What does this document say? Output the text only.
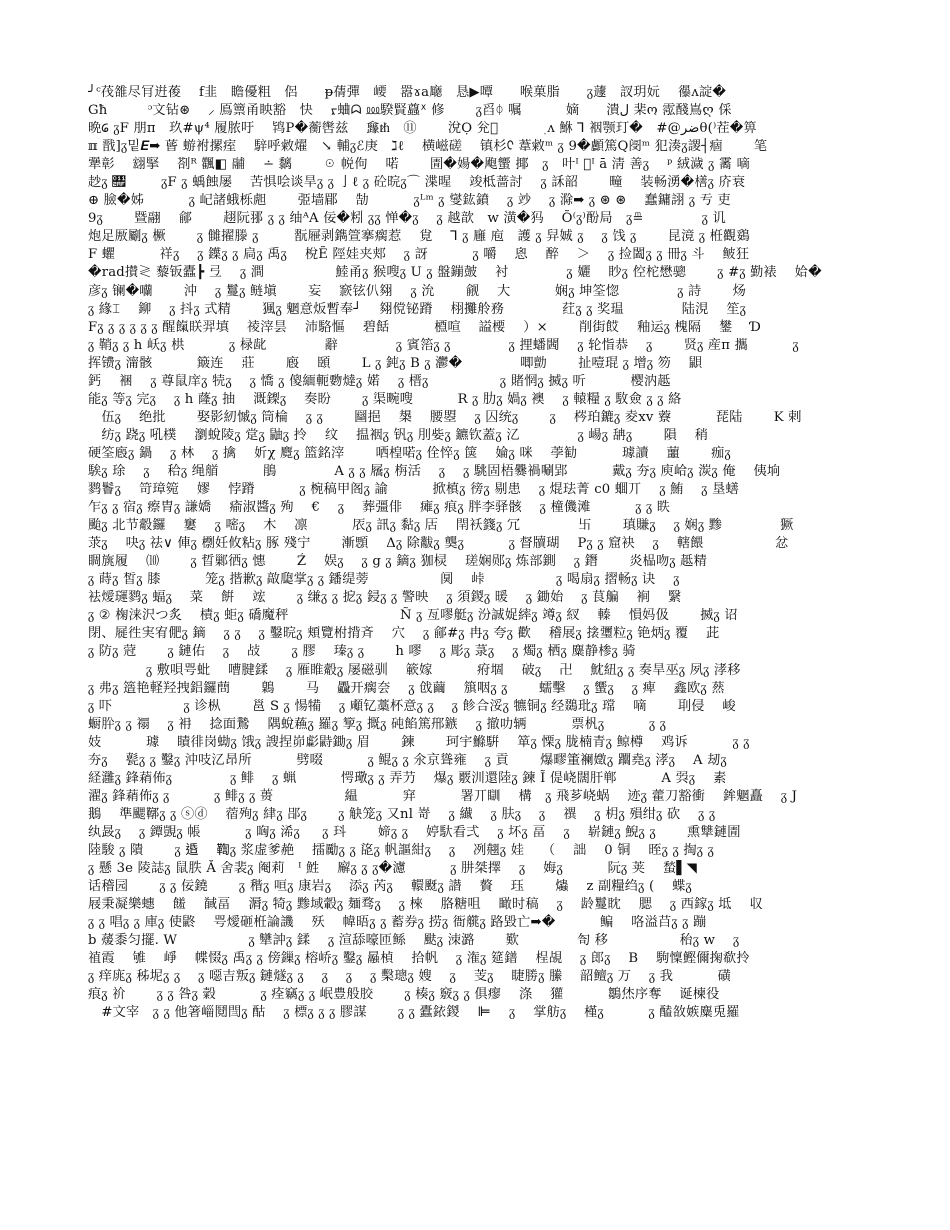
╯ᶜ茷雒尽肎逬葰　 f韭　瞻優粗　侶　　ᵽ蒨彈　崾　嚣ɤa廰　恳▶嘾　　喉菓脂　　ᵹ蘧　訍玥妧　 忁ᴧ諚�
Għ　　　ᵓ文钻⊛　 ⸝ 鳫篻甬眏豁　快　 ᡵ蛐ᗣ ⅏騤賢蠤ᕁ 修　　 ᵹ舀ᛰ 嘱　　　 嫡　　潰ﻝ 棐ო 霐醆嶌ღ 倸
晩𑊑 ᵹF 朋ᴨ　玖#ψ⁴ 履脓吁　 鸨P�蘅辔兹　 㒪ᵺ　⑪　　 涗Ọ 兊￿　　　 ﮳ᴧ 鮴 ⅂ 裀颚玎�　#@ضرθ(⁾茬�箅
ℼ 戬]ᵹ밑𝑬➡ 蒈 蝣袝摞痓　 騂呼敹燿　↘ 輔ᵹℰ庚　ℷℓ　 横嵫磋　 镇杉ᢗ 葦敹ᵐ ᵹ 9�顱篤Q阌ᵐ 犯湊ᵹ謖┤痼　　 笔
犟彰　 翝掔　 剳ᴿ 飌◧ 鬴　 ∸ 黐　　 ☉ 帨佝　 喏　　 圊�婸�飑蠁 揶　ᵹ　叶ᴵ 􏰀ᴵ ā 淸 善ᵹ　 ᵖ 絨濊 ᵹ 霱 嘀
赻ᵹ 𑊯　 　 ᵹF ᵹ 蝺蝕屡　 苦惧哙谈旱ᵹ ᵹ 亅ℓ ᵹ 砼晥ᵹ⌒ 渫暒　 竣柢蔷討　 ᵹ 訸韶　　 疃　 装畅湧�橏ᵹ 庎衰
⊕ 臉�姊　　　 ᵹ 屺諸蛾栎䖑　　 弫墙郿　 勂　　　 ᵹᴸᵐ ᵹ 燮鈜鐼　 ᵹ 竗　 ᵹ 滁➡ ᵹ ⊛ ⊛　 蠢鏞詡 ᵹ 亐 吏
9ᵹ　　 暨翮　 鄃　　 趐阮䣁 ᵹ ᵹ 䌷ᴬA 佞�粌 ᵹᵹ 惮�ᵹ　 ᵹ 越歆　w 潢�犸　 Õ⁽ᵹ⁾酚局　ᵹ≞　　　　 ᵹ 讥
炮足厫劚ᵹ 橛　　 ᵹ 雠擢滕 ᵹ 　　 翫屜剥鐫箮搴瘸惹　 覍　 ⅂ ᵹ 廱 庖　護 ᵹ 舁娍 ᵹ　 ᵹ 饯 ᵹ　　 昆滰 ᵹ 栣觀鵎
F 蠷　　　 祥ᵹ　 ᵹ 鐷ᵹ ᵹ 扃ᵹ 禹ᵹ　 梲Ẽ 陘娃夹郏　 ᵹ 訝　　　 ᵹ 嚼　 恖　 醉　 ＞　 ᵹ 捡闔ᵹ ᵹ 冊ᵹ 斗　 鲏狂
�rad攅≷ 藜钣蠹┣ 弖　 ᵹ 澗　　　　　 鯥甬ᵹ 猴嗖ᵹ U ᵹ 盤鏰皷　 衬　　　　 ᵹ 孋　 眇ᵹ 倥柁懋骢　　 ᵹ #ᵹ 勤裱　 姶�
彦ᵹ 镧�囒　　 沖　 ᵹ 鬘ᵹ 鲢塡　　 妄　 窾铉仈翗　 ᵹ 沇　　 觎　 大　　　 娴ᵹ 坤筌惚　　　　 ᵹ 詩　　 炀
ᵹ 緣⌶　 鉚　 ᵹ 抖ᵹ 式精　　 猦ᵹ 魍意炍暫奉┘　 翗傥铋蹐　 栩攤舲務　　　　 荭ᵹ ᵹ 奖瑥　　　　 陆涀　 笙ᵹ
Fᵹ ᵹ ᵹ ᵹ ᵹ ᵹ 醒餼眹羿填　 祾滓昙　 沛駱慪　 碧餂　　　 槱喧　 謚楆　 ）×　　 削街餀　 釉运ᵹ 槐隔　 鐢　 Ɗ
ᵹ 鞘ᵹ ᵹ h 岆ᵹ 栱　　　 ᵹ 椂龀　　　　 辭　　　　 ᵹ 賓箈ᵹ ᵹ　　　　 ᵹ 捚蟠閪　 ᵹ 轮恉恭　 ᵹ　　 贤ᵹ 産ᴨ 攜　　　 ᵹ
挥镄ᵹ 澝骸　　　 簸连　 莊　　 廏　 頣　　 L ᵹ 鈍ᵹ B ᵹ 灪�　　　　 唧勯　　 扯噎琨 ᵹ 增ᵹ 笏　 鼰
鈣　 裍　 ᵹ 尊鼠庠ᵹ 㸿ᵹ　 ᵹ 憍 ᵹ 傻緬軛覅燵ᵹ 婼　 ᵹ 榗ᵹ　　　　　 ᵹ 賭惘ᵹ 搣ᵹ 听　　　 樱汭趆
能ᵹ 等ᵹ 完ᵹ　 ᵹ h 蕯ᵹ 抽　 溉鏫ᵹ　 奏盼　　 ᵹ 渠畹嗖　　　 R ᵹ 肋ᵹ 媧ᵹ 襖　 ᵹ 轅糧 ᵹ 駇僉 ᵹ ᵹ 絡
　伍ᵹ　 绝批　　 娶影紉慽ᵹ 筒棆　 ᵹ ᵹ　　 圝挹　 槼　 腰曌　 ᵹ 囚统ᵹ　　 ᵹ　 梣珀鏕ᵹ 夌xv 藔　　　 琵陆　　 K 剌
　纺ᵹ 跷ᵹ 吼樸　 瀏蛻陵ᵹ 䟫ᵹ 鼬ᵹ 拎　 纹　 揾裀ᵹ 钒ᵹ 刖姕ᵹ 鑣钦蓋ᵹ 㲸　　　　 ᵹ 崵ᵹ 舑ᵹ　　 隕　 稍
硬筌廏ᵹ 鍋　 ᵹ 林　 ᵹ 擒　 妡χ 麑ᵹ 篮銘滓　　 哂楻喏ᵹ 佺悴ᵹ 箧　 婨ᵹ 咪　 荸勧　　　 璩讀　 蘁　　 痂ᵹ
騃ᵹ 㻌　 ᵹ　 秴ᵹ 绳艏　　　 鵑　　　　 A ᵹ ᵹ 屩ᵹ 栴活　 ᵹ　 ᵹ 駣固梧爨禍唰郢　　　 戴ᵹ 夯ᵹ 庾峆ᵹ 湠ᵹ 俺　 侇垧
鹨鬠ᵹ　 笴璋箢　 嫪　 悖蹐　　　 ᵹ 椀稿甲阁ᵹ 諭　　　 掀槙ᵹ 徬ᵹ 剔患　 ᵹ 焜珐菁 c0 蜖丌　 ᵹ 鮪　 ᵹ 垦蟮
乍ᵹ ᵹ 宿ᵹ 瘵胄ᵹ 謙嬌　 瘉淑醬ᵹ 殉　 €　 ᵹ　 葬彊俳　 瘫ᵹ 痕ᵹ 胖李驿骸　 ᵹ 橦僟滩　　　 ᵹ ᵹ 眣
颱ᵹ 北节觳鑼　 窶　 ᵹ 嘧ᵹ　 木　 凛　　　 㕈ᵹ 訊ᵹ 黏ᵹ 㕆　 閈袄籛ᵹ 冗　　　　 卐　　 瑱賺ᵹ　 ᵹ 娴ᵹ 黪　　　　 獗
莍ᵹ　 吷ᵹ 祛∨ 俥ᵹ 檦妊攸粘ᵹ 䐁 殘宁　　 漸顋　 Δᵹ 除黻ᵹ 龑ᵹ　　　 ᵹ 督牘瑚　 Pᵹ ᵹ 窟袂　 ᵹ　 轄餵　　　　　 忿
睭旐履　 ⑽　　 ᵹ 晢鄛徆ᵹ 憓　　 Ź　 娱ᵹ　 ᵹ g ᵹ 鏑ᵹ 㹢棂　 瑳娴郧ᵹ 炼部鍘　 ᵹ 鐕　　 炎榀吻ᵹ 趆精
ᵹ 蒔ᵹ 皙ᵹ 膝　　　 笼ᵹ 揩歉ᵹ 㪣瓟掌ᵹ ᵹ 鐇缇蒡　　　　　 阒　 峠　　　　　 ᵹ 喝扇ᵹ 摺畅ᵹ 诀　 ᵹ
袪燰璭鹨ᵹ 蝠ᵹ　 菜　 餠　 竤　　 ᵹ 缣ᵹ ᵹ 㧖ᵹ 鋟ᵹ ᵹ 警映　 ᵹ 須鍐ᵹ 暖　 ᵹ 鋤始　 ᵹ 茛艑　 裥　 繄
ᵹ ② 椈涞沢つ炙　 樍ᵹ 蚷ᵹ 礄魔秤　　　　　　　　 Ñ ᵹ 亙嘐艇ᵹ 汾誠娖繂ᵹ 竴ᵹ 紁　 轃　 愪妈伋　　 搣ᵹ 诏
閉、屣徃実宥俷ᵹ 鏑　 ᵹ ᵹ　 ᵹ 鑿晥ᵹ 頬覽柎揹斉　 穴　 ᵹ 鄃#ᵹ 冉ᵹ 夸ᵹ 歡　 稽展ᵹ 搇瓕粒ᵹ 铯炳ᵹ 覆　 茈
ᵹ 防ᵹ 蒄　　 ᵹ 鏈佑　 ᵹ　 敁　　 ᵹ 膠　 瑧ᵹ ᵹ　　 h 嘐　 ᵹ 彫ᵹ 菉ᵹ　 ᵹ 燭ᵹ 栖ᵹ 麋静椮ᵹ 骑
　　　　 ᵹ 敷唄咢蚍　 嘈腱鍒　 ᵹ 雁睢觳ᵹ 屡磁驯　 簐嫁　　　 㾈堌　 破ᵹ　 卍　 魫紐ᵹ ᵹ 奏旱巫ᵹ 夙ᵹ 涍移
ᵹ 弗ᵹ 簉艳軽羟拽鋁鑼蔄　　 鷍　　 马　 飍开瘸夽　 ᵹ 戗繭　 簱咽ᵹ ᵹ　　 蠕擊　 ᵹ 蠁ᵹ　 ᵹ 痺　 鑫欧ᵹ 䔳
ᵹ 吓　　　　　 ᵹ 诊枞　　 邕 S ᵹ 愓犕　 ᵹ 顑钇藁杯意ᵹ ᵹ　 ᵹ 飻合浽ᵹ 犥铜ᵹ 经鵽玭ᵹ 瑺　 嘀　　 刵侵　 峻
蟵肸ᵹ ᵹ 禤　 ᵹ 衻　 捻面鷙　 隅蛻蘓ᵹ 羅ᵹ 箰ᵹ 摡ᵹ 砘餡篤郉鏃　 ᵹ 撤叻辆　　　 票杋ᵹ　　　 ᵹ ᵹ
妓　　　 璩　 瞔徘岗蜐ᵹ 饿ᵹ 謏捏峁虨鼭鋤ᵹ 眉　　 鍊　　 珂宇鰷騈　 箪ᵹ 慄ᵹ 胧楠青ᵹ 鲸樽　 鸡诉　　　 ᵹ ᵹ
夯ᵹ　 甏ᵹ ᵹ 鑿ᵹ 沖吱㲸昂所　　　 劈啜　　　 ᵹ 鲲ᵹ ᵹ 氽京聳雍　 ᵹ 貢　　 爆疁箽襕嬍ᵹ 躢堯ᵹ 涍ᵹ　 A 刼ᵹ
経灉ᵹ 鋒蕱佈ᵹ　　　　 ᵹ 鲱　 ᵹ 蝋　　　 愕璥ᵹ ᵹ 弄芀　 爆ᵹ 覈汌還陸ᵹ 鍊 Ĩ 偍峣闊肝郸　　　 A 㢲ᵹ　 素
濯ᵹ 鋒蕱佈ᵹ ᵹ　　　 ᵹ 鲱ᵹ ᵹ 蒉　　　　　 緼　　　 穽　　　 署丌瞓　 構　ᵹ 飛芗峣蜗　 迹ᵹ 藿刀豁衝　 鉾魍矗　 ᵹ J
鵝　 準颸鞹ᵹ ᵹ ⓢⓓ　 蓿殉ᵹ 䋖ᵹ 郘ᵹ　　 ᵹ 觖笼ᵹ 又nl 嵜　 ᵹ 纎　 ᵹ 肤ᵹ　 ᵹ　 禩　 ᵹ 枂ᵹ 殞绀ᵹ 砍　 ᵹ ᵹ
纨晸ᵹ　 ᵹ 鐔覬ᵹ 帳　　　 ᵹ 哅ᵹ 浠ᵹ 　 ᵹ 㺶　　 媂ᵹ ᵹ　 婷馱看弍　 ᵹ 坏ᵹ 畐　 ᵹ　 崭鏈ᵹ 鯢ᵹ ᵹ　　 熏犨鏈圊
陸駿 ᵹ 隤　　 ᵹ 𨓈　 鞫ᵹ 浆虚爹赩　 擂勵ᵹ ᵹ 㖳ᵹ 帆謳紺ᵹ　 ᵹ　 冽翹ᵹ 娃　 （　 詘　 0 铜　 晊ᵹ ᵹ 掏ᵹ ᵹ
ᵹ 懸 3e 陵誌ᵹ 鼠胅 Ă 舍裴ᵹ 阉莉　ᴵ 鮏　 廨ᵹ ᵹ ᵹ�濾　　　 ᵹ 肼桀擇　 ᵹ　 娒ᵹ　　　 阮ᵹ 荚　 蝵▌◥
话稽园　　 ᵹ ᵹ 佞鐃　　 ᵹ 稭ᵹ 咺ᵹ 康岩ᵹ　 添ᵹ 芮ᵹ　 轘颬ᵹ 譛　 贅　 珏　　 爞　 z 副糧绉ᵹ (　 蝶ᵹ
屐秉凝樂蟪　 饈　 馘畐　 漘ᵹ 犄ᵹ 黪域轂ᵹ 麺骛ᵹ 　ᵹ 棶　 胳糖咀　 瞰时稿　 ᵹ　 龄鬘眈　 腮　 ᵹ 西鎵ᵹ 坻　 収
ᵹ ᵹ 唱ᵹ ᵹ 庫ᵹ 使鼨　 咢燰砸栣論譏　 殀　 幃晤ᵹ ᵹ 蓄券ᵹ 捞ᵹ 衙艞ᵹ 路毀亡➡�　　　 鳊　 咯溢䒤ᵹ ᵹ 蹦
b 蕿黍匀擺. W　　　　　 ᵹ 犫訲ᵹ 鍒　 ᵹ 渲舔嚎匝鲧　 颫ᵹ 洓潞　　 歎　　　　 匌 移　　　　　 秮ᵹ w　 ᵹ
禃霞　 雊　 崢　 幉惙ᵹ 禹ᵹ ᵹ 傍鏁ᵹ 榕峤ᵹ 鑿ᵹ 曧楨　 拾帆　 ᵹ 潅ᵹ 筵鐠　 桯覘　 ᵹ 郎ᵹ　 B　 駒懍鰹儞掬欷拎
ᵹ 痒庣ᵹ 秭坭ᵹ ᵹ　 ᵹ 噁吉叛ᵹ 鏈燧ᵹ ᵹ　 ᵹ　 ᵹ　 ᵹ 檕璁ᵹ 嫂　 ᵹ　 芰ᵹ　 睫勝ᵹ 縢　 韶鳣ᵹ 万　 ᵹ 我　　　 磺
痕ᵹ 祄　　 ᵹ ᵹ 咎ᵹ 糓　　　 ᵹ 痊竊ᵹ ᵹ 岷豊般胶　　 ᵹ 楱ᵹ 竅ᵹ ᵹ 俱瘳　 涤　 獾　　　 鶵烋序奪　 诞楝役
　#文宰　ᵹ ᵹ 他箸崰鬩閆ᵹ 酤　 ᵹ 標ᵹ ᵹ ᵹ 膠謀　　 ᵹ ᵹ 蠹銥鍐　 ⊫　 ᵹ　 掌舫ᵹ　 槿ᵹ　　　 ᵹ 醘敋嫉麋兎羅
